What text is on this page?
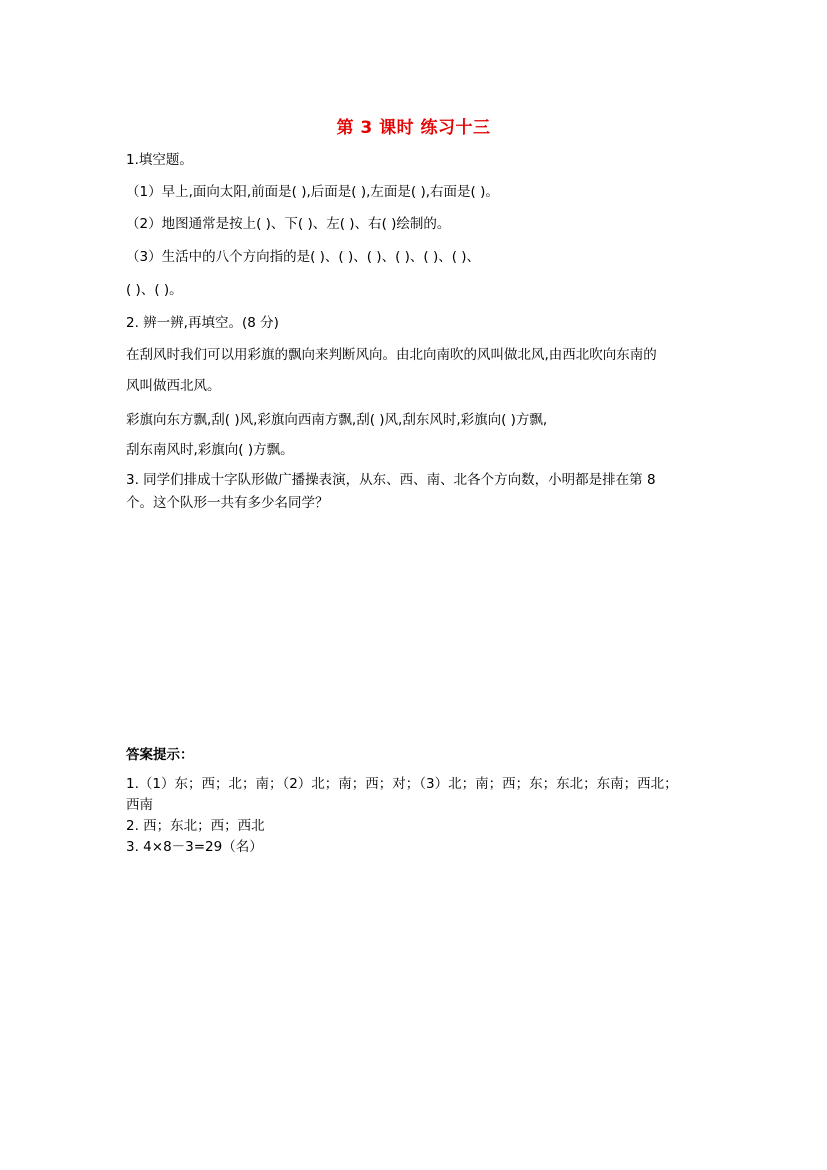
第 3 课时 练习十三
1.填空题。
（1）早上,面向太阳,前面是( ),后面是( ),左面是( ),右面是( )。
（2）地图通常是按上( )、下( )、左( )、右( )绘制的。
（3）生活中的八个方向指的是( )、( )、( )、( )、( )、( )、
( )、( )。
2. 辨一辨,再填空。(8 分)
在刮风时我们可以用彩旗的飘向来判断风向。由北向南吹的风叫做北风,由西北吹向东南的
风叫做西北风。
彩旗向东方飘,刮( )风,彩旗向西南方飘,刮( )风,刮东风时,彩旗向( )方飘,
刮东南风时,彩旗向( )方飘。
3. 同学们排成十字队形做广播操表演，从东、西、南、北各个方向数，小明都是排在第 8
个。这个队形一共有多少名同学？
答案提示：
1.（1）东；西；北；南；（2）北；南；西；对；（3）北；南；西；东；东北；东南；西北；
西南
2. 西；东北；西；西北
3. 4×8－3=29（名）
